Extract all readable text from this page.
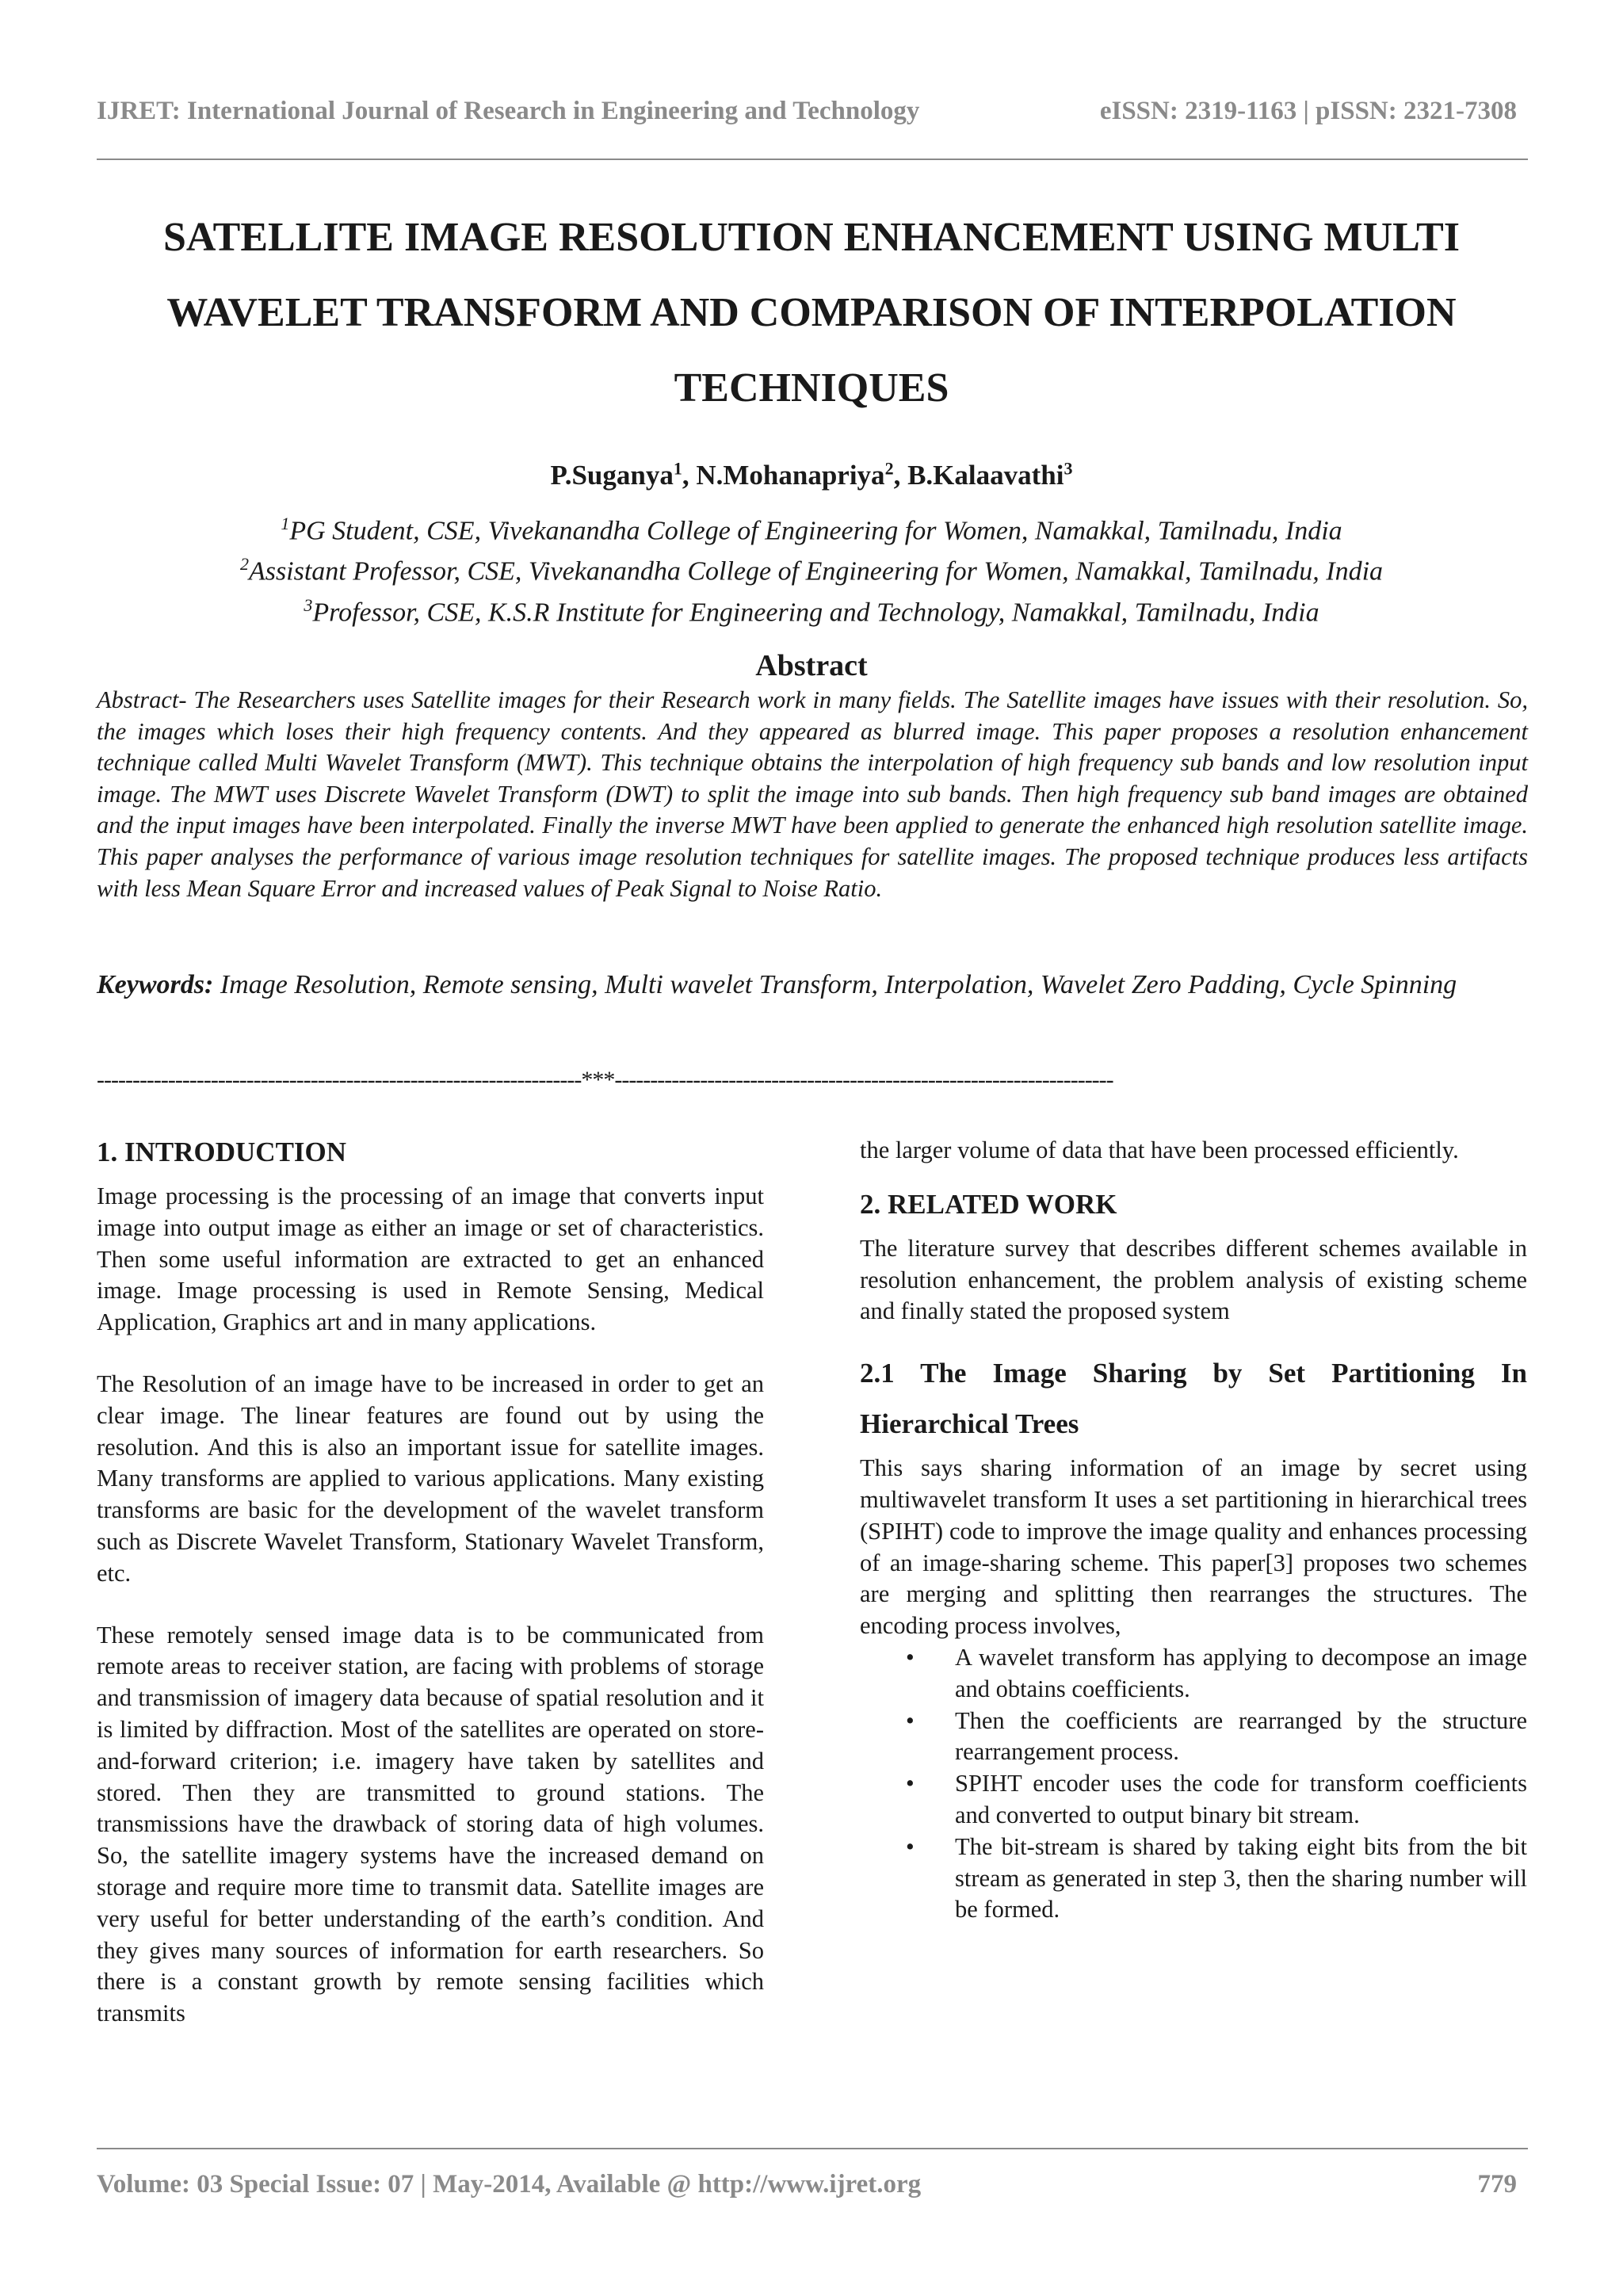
IJRET: International Journal of Research in Engineering and Technology	eISSN: 2319-1163 | pISSN: 2321-7308
SATELLITE IMAGE RESOLUTION ENHANCEMENT USING MULTI WAVELET TRANSFORM AND COMPARISON OF INTERPOLATION TECHNIQUES
P.Suganya$^1$, N.Mohanapriya$^2$, B.Kalaavathi$^3$
$^1$PG Student, CSE, Vivekanandha College of Engineering for Women, Namakkal, Tamilnadu, India
$^2$Assistant Professor, CSE, Vivekanandha College of Engineering for Women, Namakkal, Tamilnadu, India
$^3$Professor, CSE, K.S.R Institute for Engineering and Technology, Namakkal, Tamilnadu, India
Abstract
Abstract- The Researchers uses Satellite images for their Research work in many fields. The Satellite images have issues with their resolution. So, the images which loses their high frequency contents. And they appeared as blurred image. This paper proposes a resolution enhancement technique called Multi Wavelet Transform (MWT). This technique obtains the interpolation of high frequency sub bands and low resolution input image. The MWT uses Discrete Wavelet Transform (DWT) to split the image into sub bands. Then high frequency sub band images are obtained and the input images have been interpolated. Finally the inverse MWT have been applied to generate the enhanced high resolution satellite image. This paper analyses the performance of various image resolution techniques for satellite images. The proposed technique produces less artifacts with less Mean Square Error and increased values of Peak Signal to Noise Ratio.
Keywords: Image Resolution, Remote sensing, Multi wavelet Transform, Interpolation, Wavelet Zero Padding, Cycle Spinning
--------------------------------------------------------------------***----------------------------------------------------------------------
1. INTRODUCTION

Image processing is the processing of an image that converts input image into output image as either an image or set of characteristics. Then some useful information are extracted to get an enhanced image. Image processing is used in Remote Sensing, Medical Application, Graphics art and in many applications.

The Resolution of an image have to be increased in order to get an clear image. The linear features are found out by using the resolution. And this is also an important issue for satellite images. Many transforms are applied to various applications. Many existing transforms are basic for the development of the wavelet transform such as Discrete Wavelet Transform, Stationary Wavelet Transform, etc.

These remotely sensed image data is to be communicated from remote areas to receiver station, are facing with problems of storage and transmission of imagery data because of spatial resolution and it is limited by diffraction. Most of the satellites are operated on store-and-forward criterion; i.e. imagery have taken by satellites and stored. Then they are transmitted to ground stations. The transmissions have the drawback of storing data of high volumes. So, the satellite imagery systems have the increased demand on storage and require more time to transmit data. Satellite images are very useful for better understanding of the earth’s condition. And they gives many sources of information for earth researchers. So there is a constant growth by remote sensing facilities which transmits

the larger volume of data that have been processed efficiently.

2. RELATED WORK

The literature survey that describes different schemes available in resolution enhancement, the problem analysis of existing scheme and finally stated the proposed system

2.1 The Image Sharing by Set Partitioning In Hierarchical Trees

This says sharing information of an image by secret using multiwavelet transform It uses a set partitioning in hierarchical trees (SPIHT) code to improve the image quality and enhances processing of an image-sharing scheme. This paper[3] proposes two schemes are merging and splitting then rearranges the structures. The encoding process involves,

• A wavelet transform has applying to decompose an image and obtains coefficients.
• Then the coefficients are rearranged by the structure rearrangement process.
• SPIHT encoder uses the code for transform coefficients and converted to output binary bit stream.
• The bit-stream is shared by taking eight bits from the bit stream as generated in step 3, then the sharing number will be formed.
Volume: 03 Special Issue: 07 | May-2014, Available @ http://www.ijret.org	779
